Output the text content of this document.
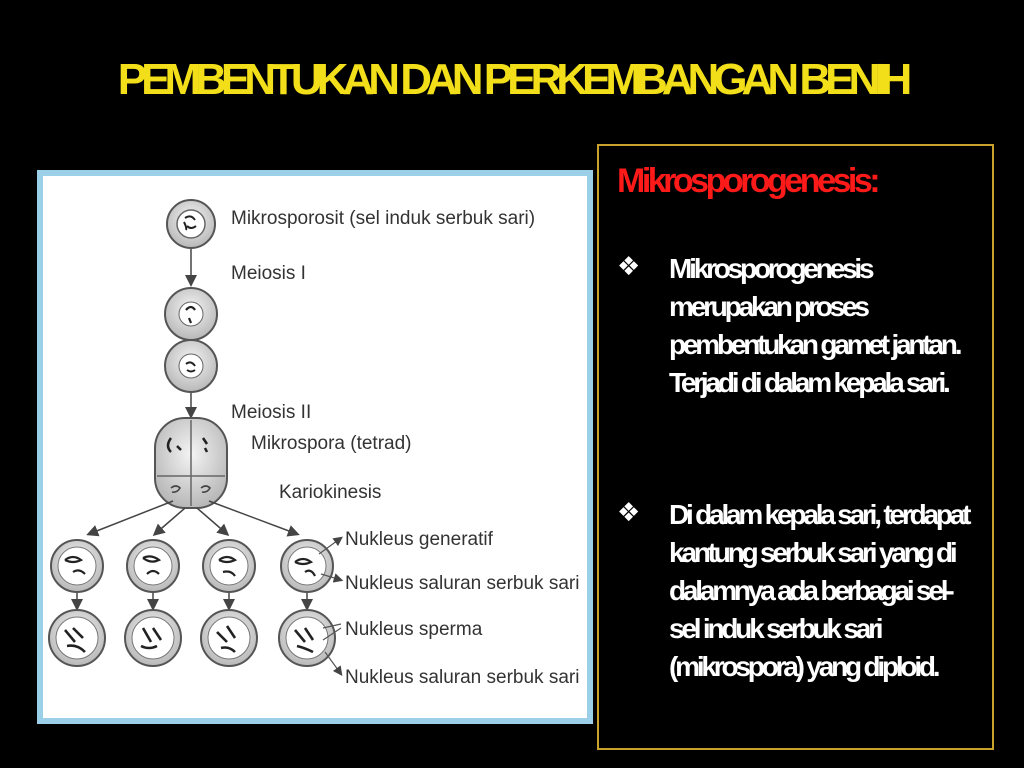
PEMBENTUKAN DAN PERKEMBANGAN BENIH
Mikrosporosit (sel induk serbuk sari)
Meiosis I
Meiosis II
Mikrospora (tetrad)
Kariokinesis
Nukleus generatif
Nukleus saluran serbuk sari
Nukleus sperma
Nukleus saluran serbuk sari
Mikrosporogenesis:
❖ Mikrosporogenesis merupakan proses pembentukan gamet jantan. Terjadi di dalam kepala sari.
❖ Di dalam kepala sari, terdapat kantung serbuk sari yang di dalamnya ada berbagai sel-sel induk serbuk sari (mikrospora) yang diploid.
